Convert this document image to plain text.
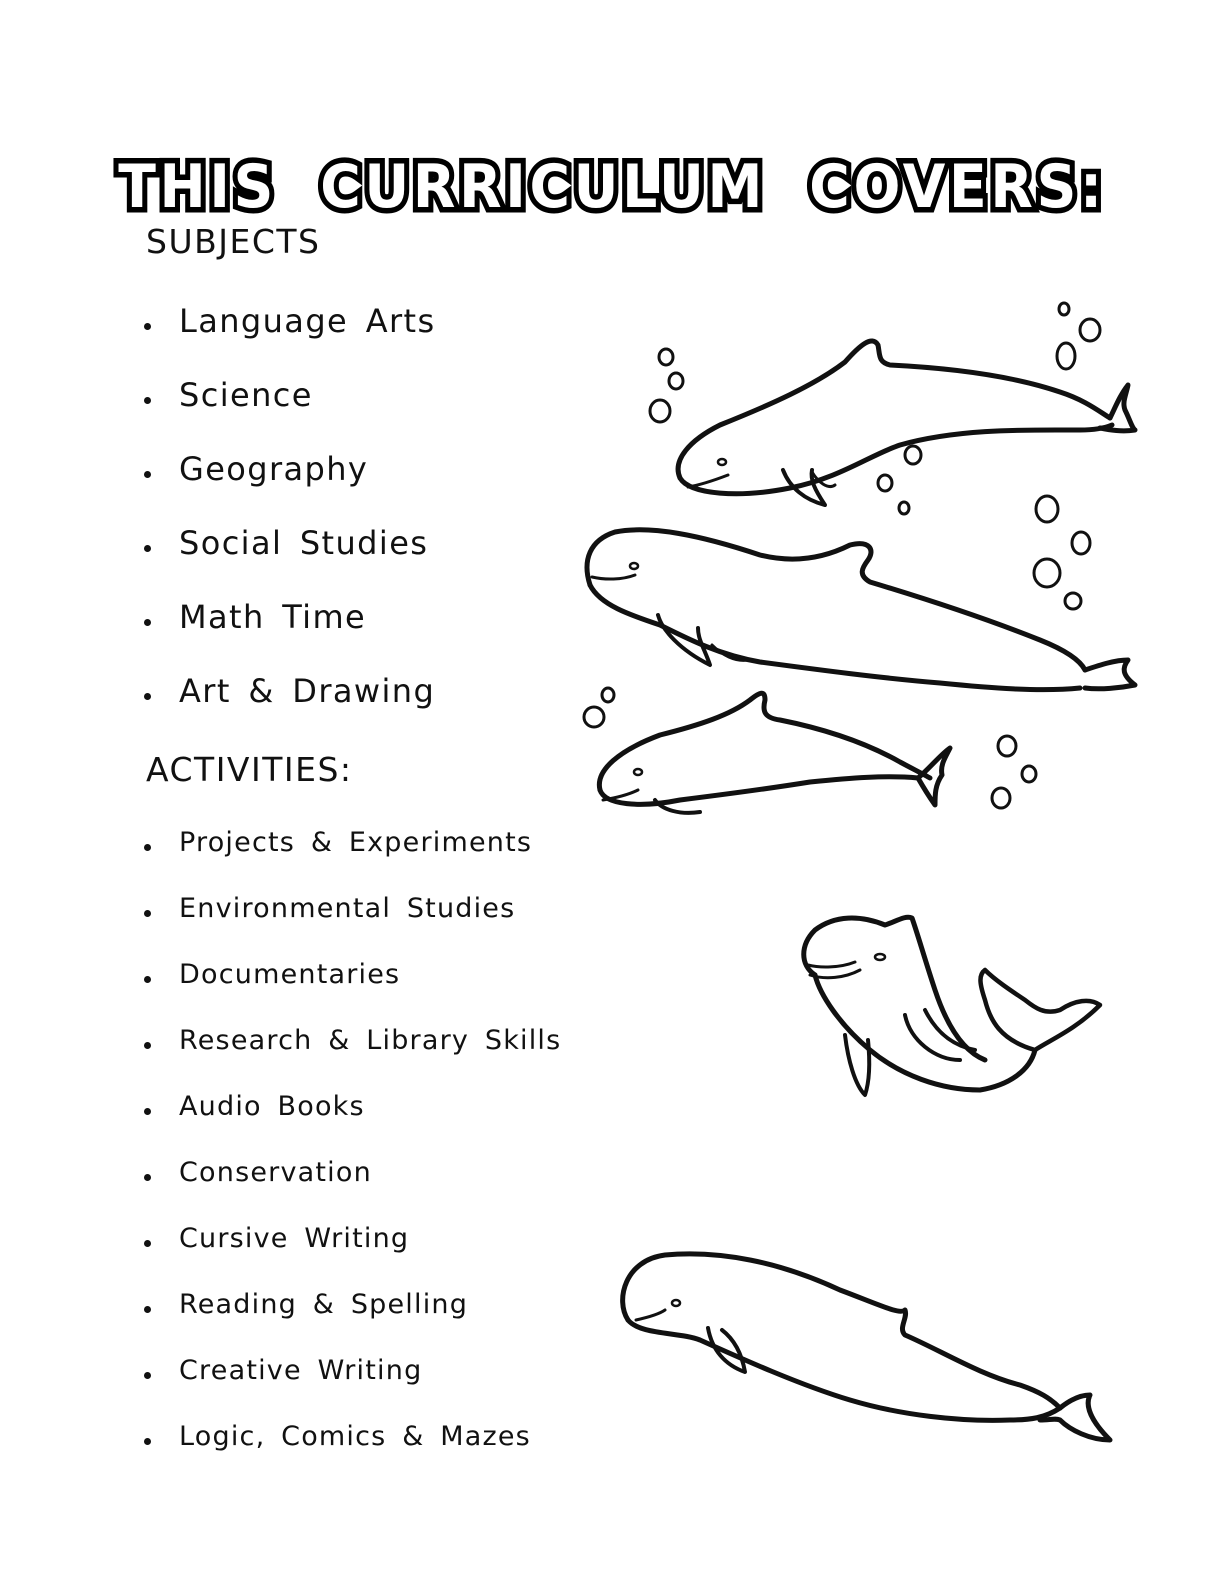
THIS CURRICULUM COVERS:
SUBJECTS
Language Arts
Science
Geography
Social Studies
Math Time
Art & Drawing
ACTIVITIES:
Projects & Experiments
Environmental Studies
Documentaries
Research & Library Skills
Audio Books
Conservation
Cursive Writing
Reading & Spelling
Creative Writing
Logic, Comics & Mazes
